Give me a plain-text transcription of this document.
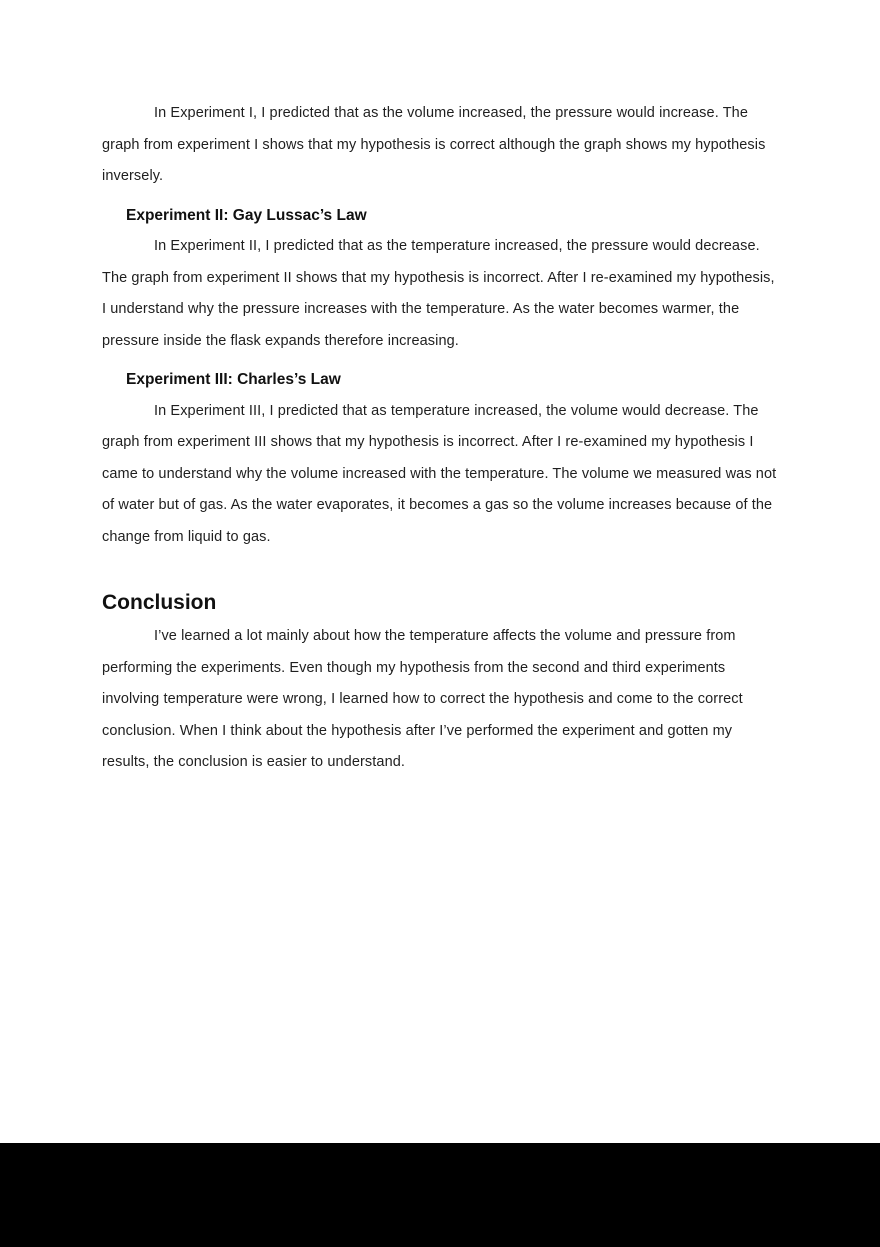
In Experiment I, I predicted that as the volume increased, the pressure would increase. The graph from experiment I shows that my hypothesis is correct although the graph shows my hypothesis inversely.

Experiment II: Gay Lussac’s Law

In Experiment II, I predicted that as the temperature increased, the pressure would decrease. The graph from experiment II shows that my hypothesis is incorrect. After I re-examined my hypothesis, I understand why the pressure increases with the temperature. As the water becomes warmer, the pressure inside the flask expands therefore increasing.

Experiment III: Charles’s Law

In Experiment III, I predicted that as temperature increased, the volume would decrease. The graph from experiment III shows that my hypothesis is incorrect. After I re-examined my hypothesis I came to understand why the volume increased with the temperature. The volume we measured was not of water but of gas. As the water evaporates, it becomes a gas so the volume increases because of the change from liquid to gas.

Conclusion

I’ve learned a lot mainly about how the temperature affects the volume and pressure from performing the experiments. Even though my hypothesis from the second and third experiments involving temperature were wrong, I learned how to correct the hypothesis and come to the correct conclusion. When I think about the hypothesis after I’ve performed the experiment and gotten my results, the conclusion is easier to understand.
